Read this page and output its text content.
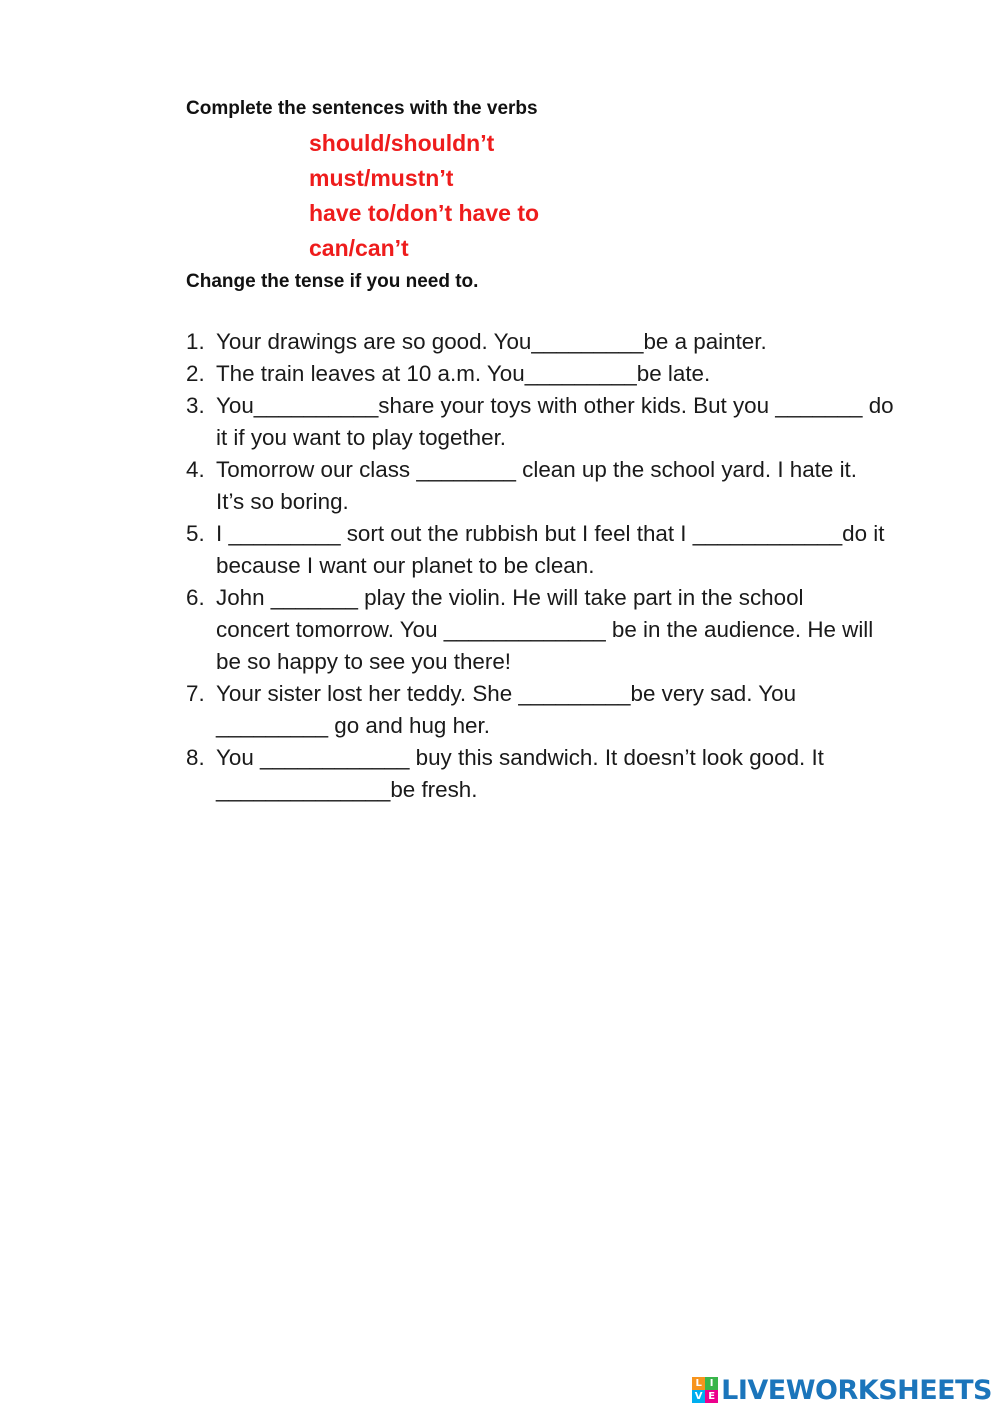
Complete the sentences with the verbs
should/shouldn’t
must/mustn’t
have to/don’t have to
can/can’t
Change the tense if you need to.
1. Your drawings are so good. You_________be a painter.
2. The train leaves at 10 a.m. You_________be late.
3. You__________share your toys with other kids. But you _______ do
it if you want to play together.
4. Tomorrow our class ________ clean up the school yard. I hate it.
It’s so boring.
5. I _________ sort out the rubbish but I feel that I ____________do it
because I want our planet to be clean.
6. John _______ play the violin. He will take part in the school
concert tomorrow. You _____________ be in the audience. He will
be so happy to see you there!
7. Your sister lost her teddy. She _________be very sad. You
_________ go and hug her.
8. You ____________ buy this sandwich. It doesn’t look good. It
______________be fresh.
L I
V E LIVEWORKSHEETS
